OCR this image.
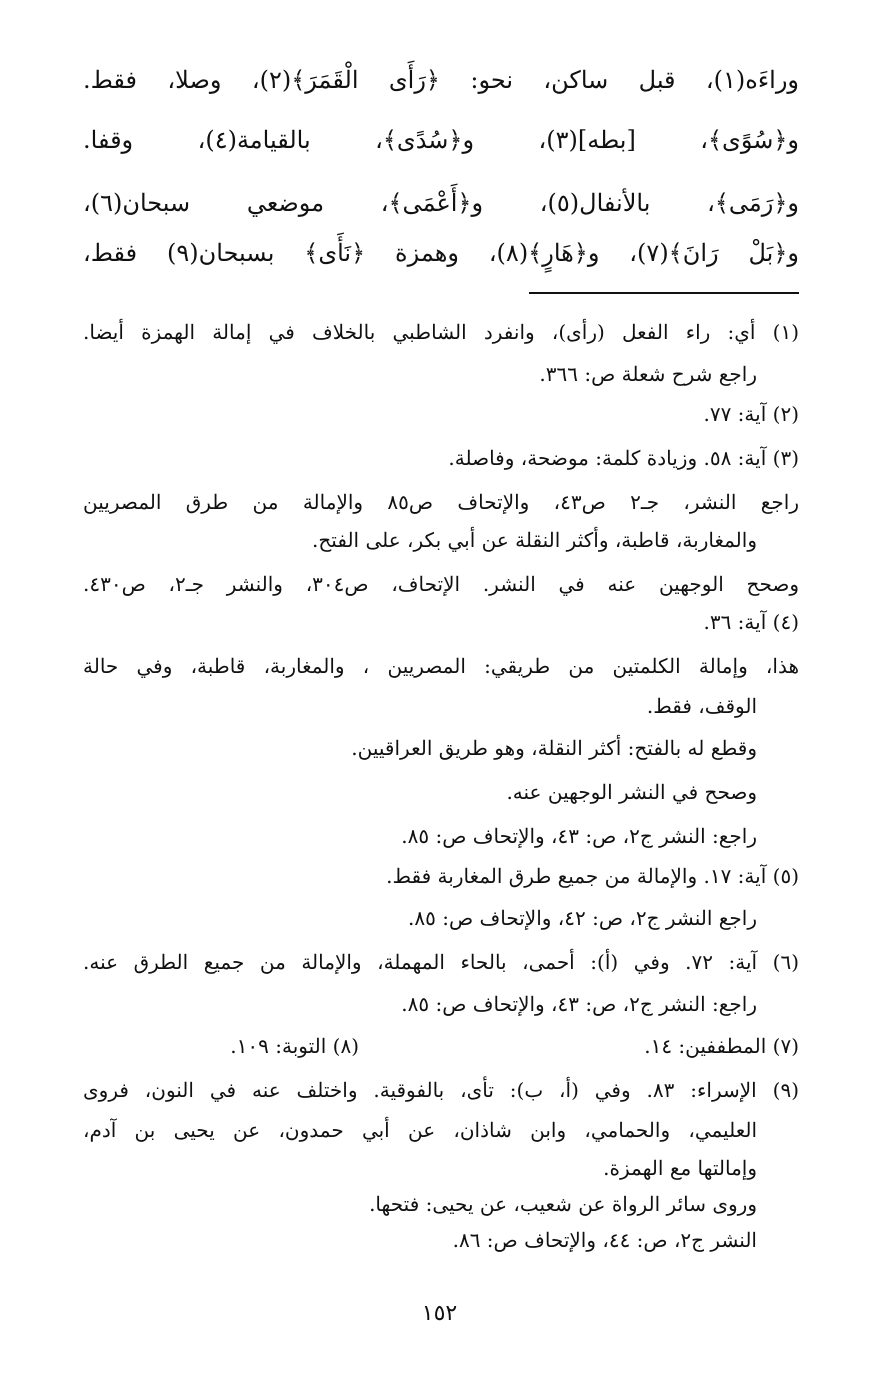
وراءَه(١)، قبل ساكن، نحو: ﴿رَأَى الْقَمَرَ﴾(٢)، وصلا، فقط.
و﴿سُوًى﴾، [بطه](٣)، و﴿سُدًى﴾، بالقيامة(٤)، وقفا.
و﴿رَمَى﴾، بالأنفال(٥)، و﴿أَعْمَى﴾، موضعي سبحان(٦)،
و﴿بَلْ رَانَ﴾(٧)، و﴿هَارٍ﴾(٨)، وهمزة ﴿نَأَى﴾ بسبحان(٩) فقط،
(١) أي: راء الفعل (رأى)، وانفرد الشاطبي بالخلاف في إمالة الهمزة أيضا.
راجع شرح شعلة ص: ٣٦٦.
(٢) آية: ٧٧.
(٣) آية: ٥٨. وزيادة كلمة: موضحة، وفاصلة.
راجع النشر، جـ٢ ص٤٣، والإتحاف ص٨٥ والإمالة من طرق المصريين
والمغاربة، قاطبة، وأكثر النقلة عن أبي بكر، على الفتح.
وصحح الوجهين عنه في النشر. الإتحاف، ص٣٠٤، والنشر جـ٢، ص٤٣٠.
(٤) آية: ٣٦.
هذا، وإمالة الكلمتين من طريقي: المصريين ، والمغاربة، قاطبة، وفي حالة
الوقف، فقط.
وقطع له بالفتح: أكثر النقلة، وهو طريق العراقيين.
وصحح في النشر الوجهين عنه.
راجع: النشر ج٢، ص: ٤٣، والإتحاف ص: ٨٥.
(٥) آية: ١٧. والإمالة من جميع طرق المغاربة فقط.
راجع النشر ج٢، ص: ٤٢، والإتحاف ص: ٨٥.
(٦) آية: ٧٢. وفي (أ): أحمى، بالحاء المهملة، والإمالة من جميع الطرق عنه.
راجع: النشر ج٢، ص: ٤٣، والإتحاف ص: ٨٥.
(٧) المطففين: ١٤.
(٨) التوبة: ١٠٩.
(٩) الإسراء: ٨٣. وفي (أ، ب): تأى، بالفوقية. واختلف عنه في النون، فروى
العليمي، والحمامي، وابن شاذان، عن أبي حمدون، عن يحيى بن آدم،
وإمالتها مع الهمزة.
وروى سائر الرواة عن شعيب، عن يحيى: فتحها.
النشر ج٢، ص: ٤٤، والإتحاف ص: ٨٦.
١٥٢
